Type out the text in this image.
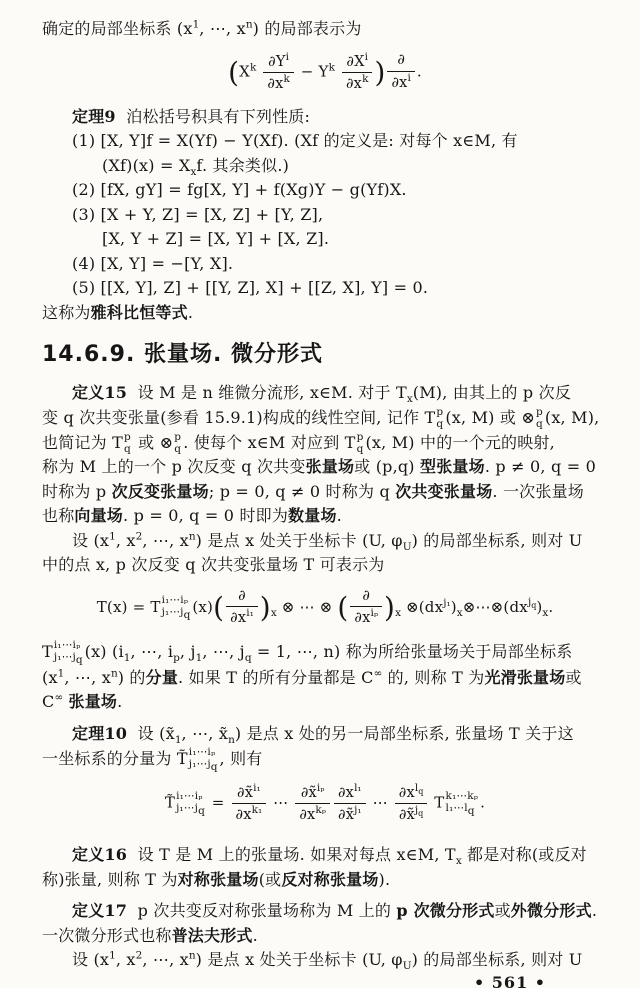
确定的局部坐标系 ($x^1$, ⋯, $x^n$) 的局部表示为
($X^k \frac{\partial Y^i}{\partial x^k} - Y^k \frac{\partial X^i}{\partial x^k}$ ) $\frac{\partial}{\partial x^i}$ .
定理9  泊松括号积具有下列性质:
(1) [X, Y]f = X(Yf) − Y(Xf). (Xf 的定义是: 对每个 x∈M, 有
$(Xf)(x) = X_xf$. 其余类似.)
(2) [fX, gY] = fg[X, Y] + f(Xg)Y − g(Yf)X.
(3) [X + Y, Z] = [X, Z] + [Y, Z],
[X, Y + Z] = [X, Y] + [X, Z].
(4) [X, Y] = −[Y, X].
(5) [[X, Y], Z] + [[Y, Z], X] + [[Z, X], Y] = 0.
这称为雅科比恒等式.
14.6.9. 张量场. 微分形式
定义15  设 M 是 n 维微分流形, x∈M. 对于 $T_x(M)$, 由其上的 p 次反
变 q 次共变张量(参看 15.9.1)构成的线性空间, 记作 T p
q (x, M) 或 ⊗ p
q (x, M),
也简记为 T p
q 或 ⊗ p
q . 使每个 x∈M 对应到 T p
q (x, M) 中的一个元的映射,
称为 M 上的一个 p 次反变 q 次共变张量场或 (p,q) 型张量场. p ≠ 0, q = 0
时称为 p 次反变张量场; p = 0, q ≠ 0 时称为 q 次共变张量场. 一次张量场
也称向量场. p = 0, q = 0 时即为数量场.
设 ($x^1$, $x^2$, ⋯, $x^n$) 是点 x 处关于坐标卡 (U, $\varphi_U$) 的局部坐标系, 则对 U
中的点 x, p 次反变 q 次共变张量场 T 可表示为
T(x) = T i₁⋯iₚ
$j_1\cdots j_q$ $(x)( \frac{\partial}{\partial x^{i_1}} )_x$ ⊗ ⋯ ⊗ ( $\frac{\partial}{\partial x^{i_p}} )_x$ $\otimes(dx^{j_1})_x\otimes\cdots\otimes(dx^{j_q})_x$.
T i₁⋯iₚ
$j_1\cdots j_q$ (x) ($i_1$, ⋯, $i_p$, $j_1$, ⋯, $j_q = 1$, ⋯, n) 称为所给张量场关于局部坐标系
($x^1$, ⋯, $x^n$) 的分量. 如果 T 的所有分量都是 C∞ 的, 则称 T 为光滑张量场或
C∞ 张量场.
定理10  设 ($x̃_1$, ⋯, $x̃_n$) 是点 x 处的另一局部坐标系, 张量场 T 关于这
一坐标系的分量为 T̃ i₁⋯iₚ
$j_1\cdots j_q$ , 则有
T̃ i₁⋯iₚ
$j_1\cdots j_q = \frac{\partial x̃^{i_1}}{\partial x^{k_1}}$ ⋯ $\frac{\partial x̃^{i_p}}{\partial x^{k_p}} \frac{\partial x^{l_1}}{\partial x̃^{j_1}}$ ⋯ $\frac{\partial x^{l_q}}{\partial x̃^{j_q}}$ T k₁⋯kₚ
$l_1\cdots l_q$ .
定义16  设 T 是 M 上的张量场. 如果对每点 x∈M, $T_x$ 都是对称(或反对
称)张量, 则称 T 为对称张量场(或反对称张量场).
定义17  p 次共变反对称张量场称为 M 上的 p 次微分形式或外微分形式.
一次微分形式也称普法夫形式.
设 ($x^1$, $x^2$, ⋯, $x^n$) 是点 x 处关于坐标卡 (U, $\varphi_U$) 的局部坐标系, 则对 U
• 561 •
